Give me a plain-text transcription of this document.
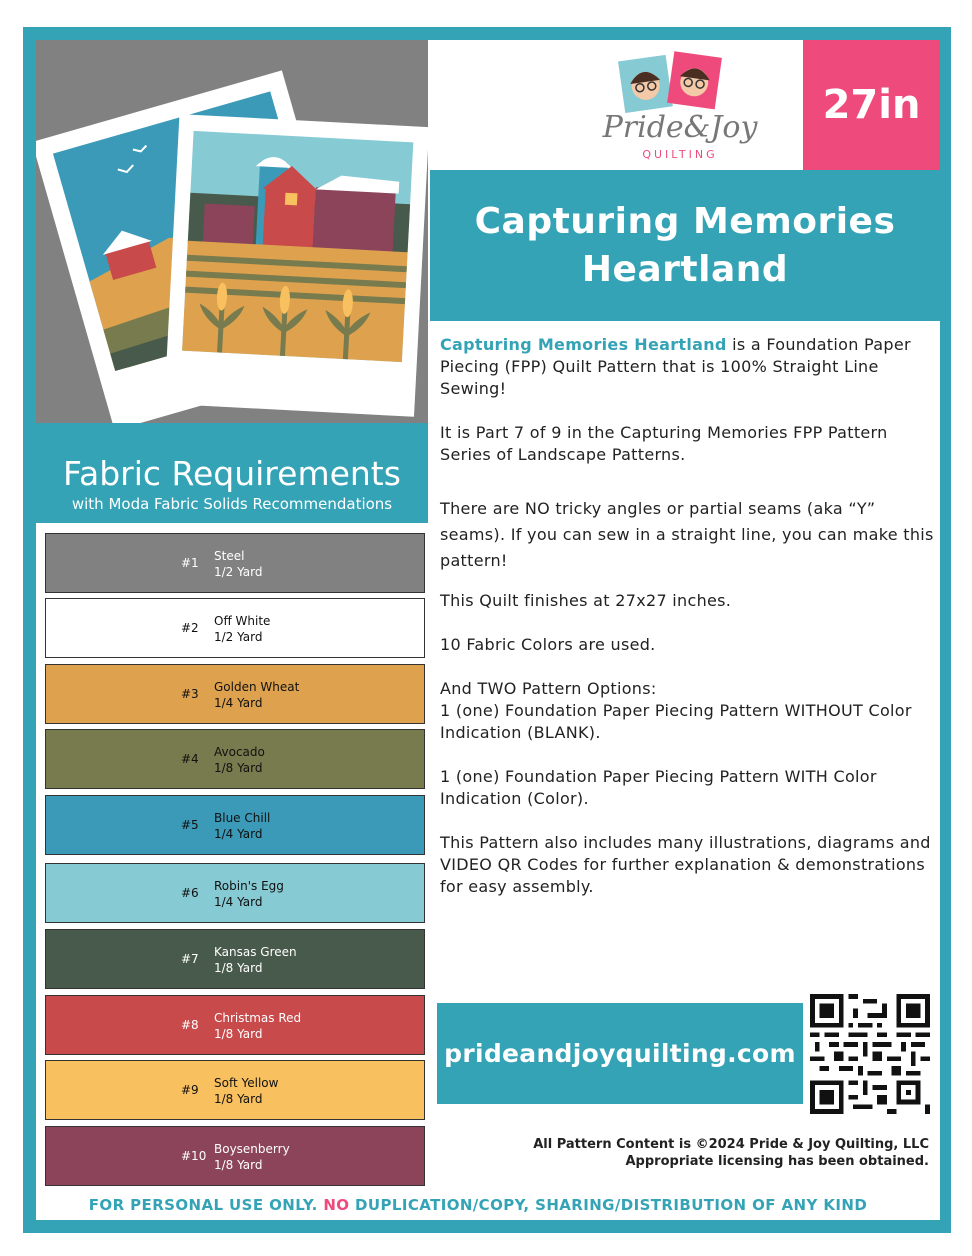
Pride&Joy
QUILTING
27in
Capturing Memories
Heartland
Fabric Requirements
with Moda Fabric Solids Recommendations
#1 Steel
1/2 Yard
#2 Off White
1/2 Yard
#3 Golden Wheat
1/4 Yard
#4 Avocado
1/8 Yard
#5 Blue Chill
1/4 Yard
#6 Robin's Egg
1/4 Yard
#7 Kansas Green
1/8 Yard
#8 Christmas Red
1/8 Yard
#9 Soft Yellow
1/8 Yard
#10 Boysenberry
1/8 Yard

Capturing Memories Heartland is a Foundation Paper Piecing (FPP) Quilt Pattern that is 100% Straight Line Sewing!

It is Part 7 of 9 in the Capturing Memories FPP Pattern Series of Landscape Patterns.

There are NO tricky angles or partial seams (aka “Y” seams). If you can sew in a straight line, you can make this pattern!

This Quilt finishes at 27x27 inches.

10 Fabric Colors are used.

And TWO Pattern Options:

1 (one) Foundation Paper Piecing Pattern WITHOUT Color Indication (BLANK).

1 (one) Foundation Paper Piecing Pattern WITH Color Indication (Color).

This Pattern also includes many illustrations, diagrams and VIDEO QR Codes for further explanation & demonstrations for easy assembly.

prideandjoyquilting.com
All Pattern Content is ©2024 Pride & Joy Quilting, LLC
Appropriate licensing has been obtained.
FOR PERSONAL USE ONLY. NO DUPLICATION/COPY, SHARING/DISTRIBUTION OF ANY KIND
